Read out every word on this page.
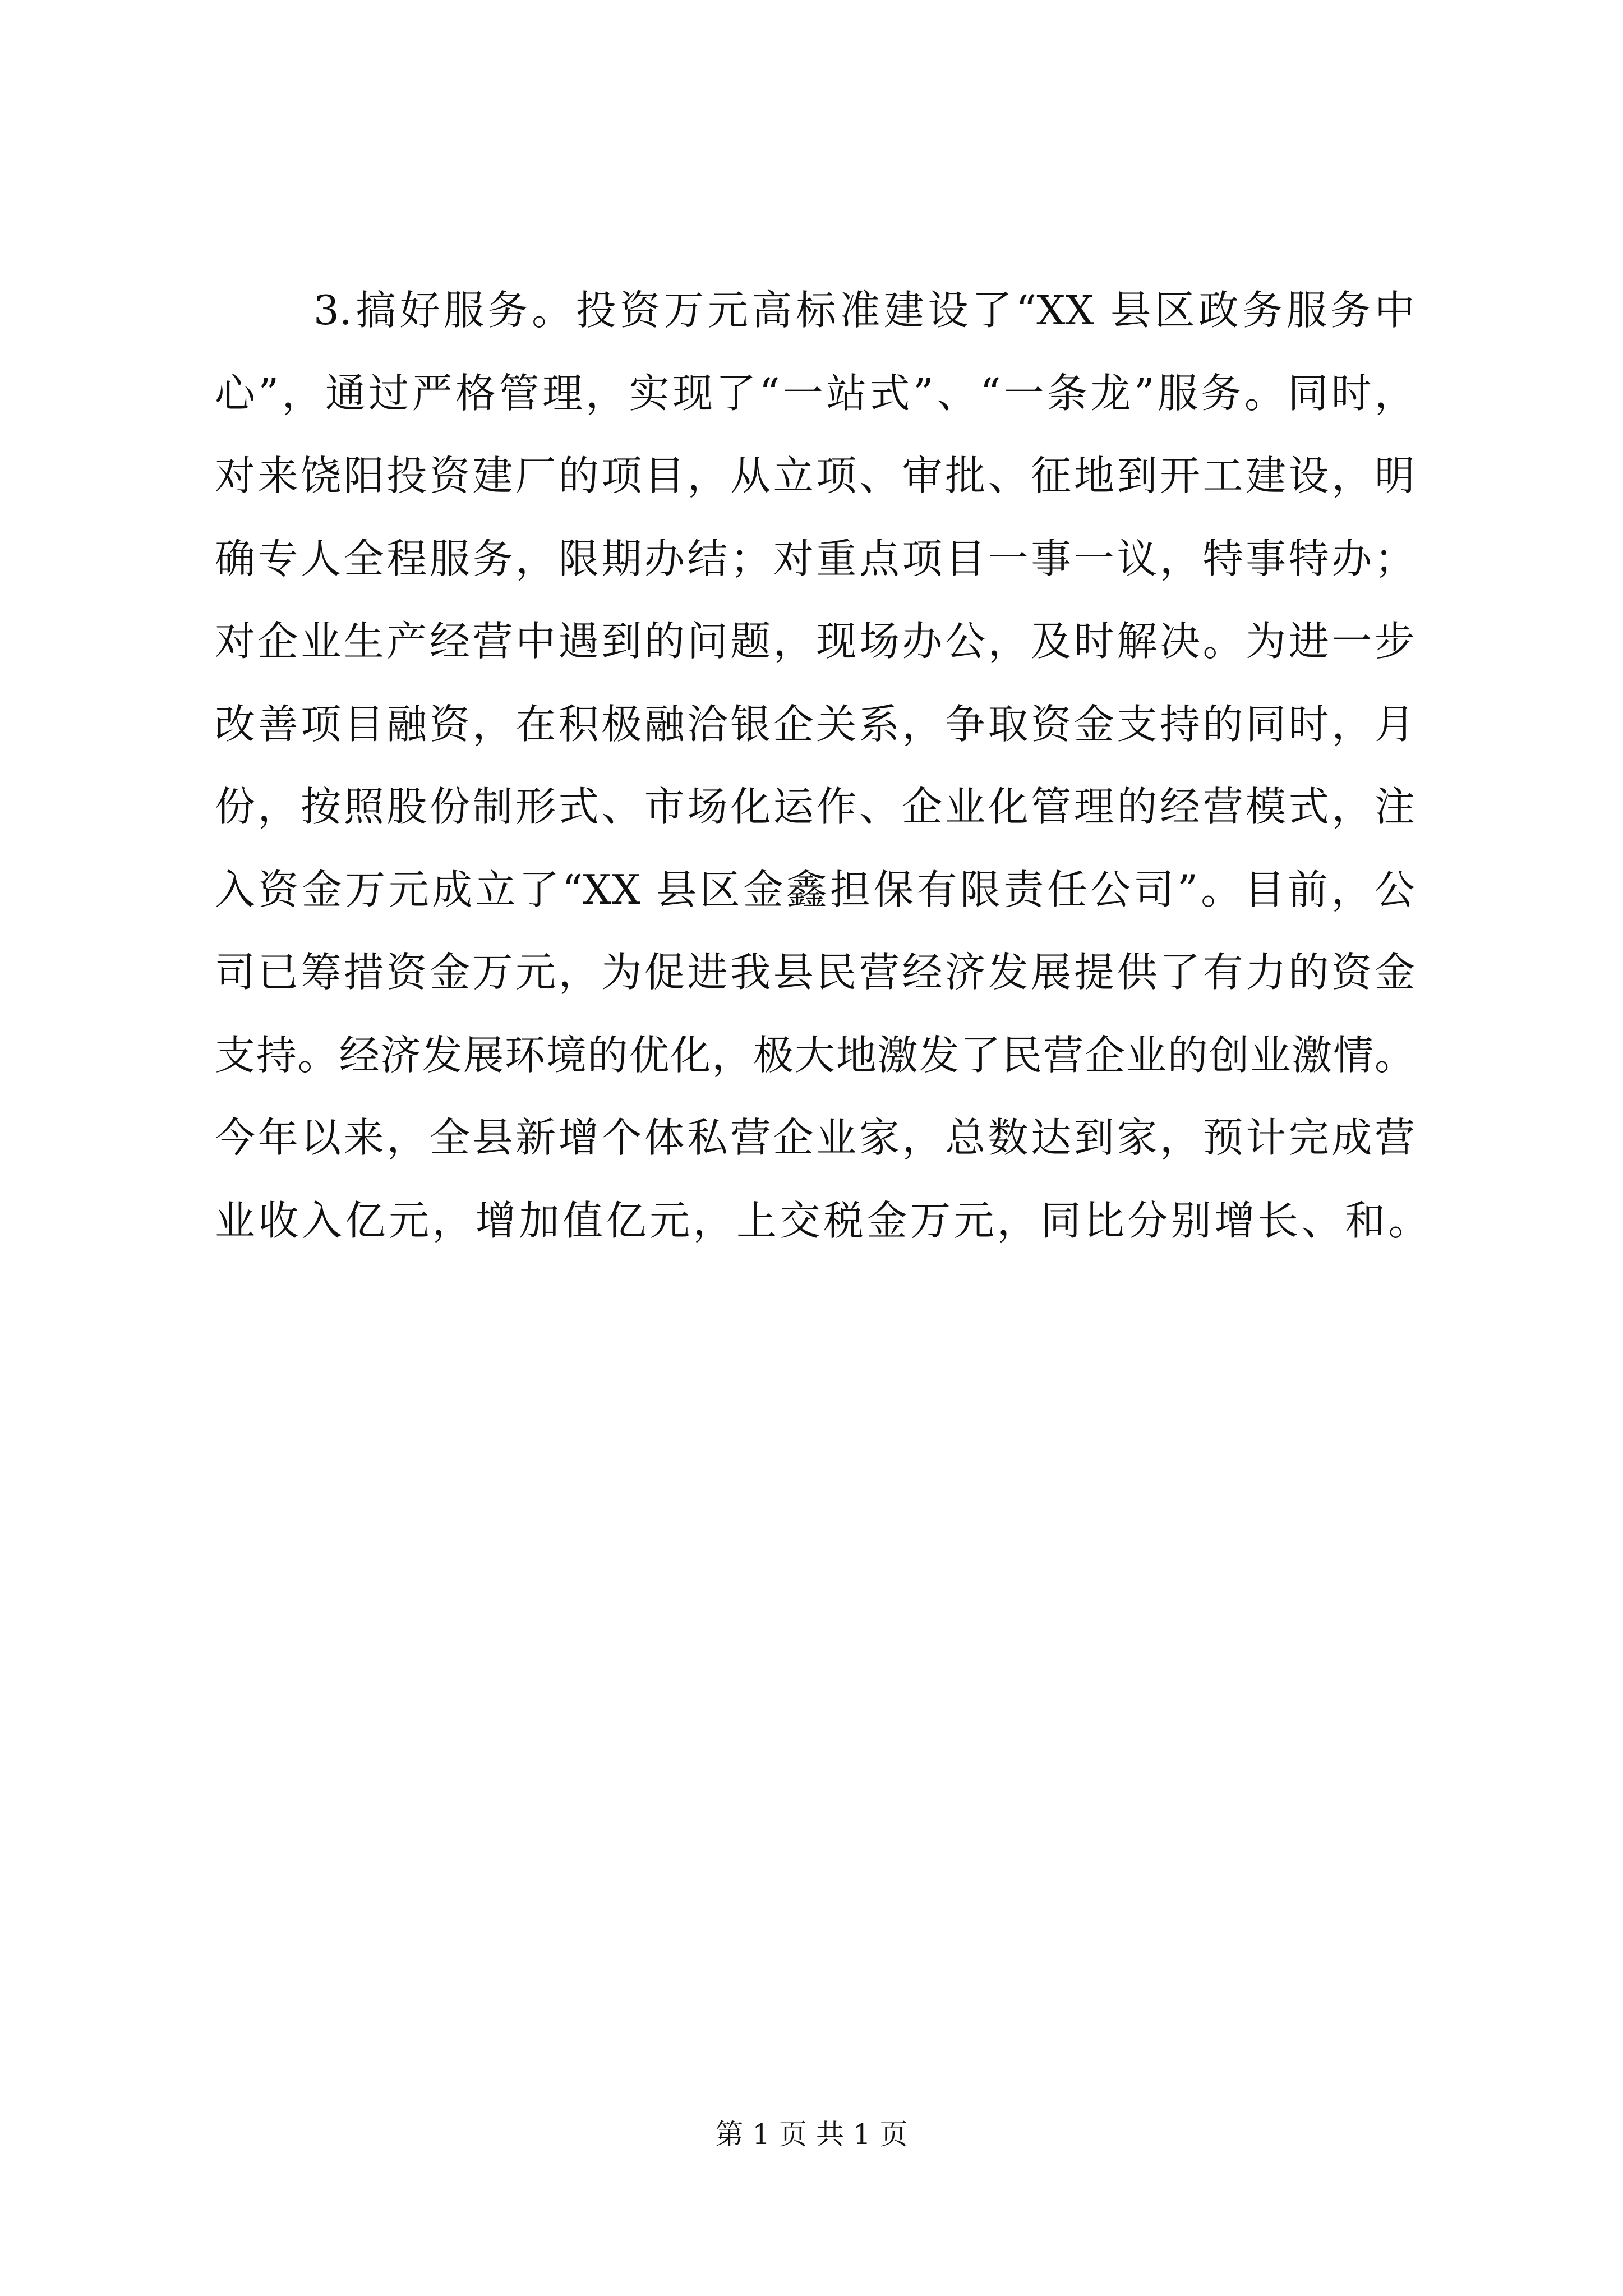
3.搞好服务。投资万元高标准建设了“XX 县区政务服务中
心”，通过严格管理，实现了“一站式”、“一条龙”服务。同时，
对来饶阳投资建厂的项目，从立项、审批、征地到开工建设，明
确专人全程服务，限期办结；对重点项目一事一议，特事特办；
对企业生产经营中遇到的问题，现场办公，及时解决。为进一步
改善项目融资，在积极融洽银企关系，争取资金支持的同时，月
份，按照股份制形式、市场化运作、企业化管理的经营模式，注
入资金万元成立了“XX 县区金鑫担保有限责任公司”。目前，公
司已筹措资金万元，为促进我县民营经济发展提供了有力的资金
支持。经济发展环境的优化，极大地激发了民营企业的创业激情。
今年以来，全县新增个体私营企业家，总数达到家，预计完成营
业收入亿元，增加值亿元，上交税金万元，同比分别增长、和。
第 1 页 共 1 页
